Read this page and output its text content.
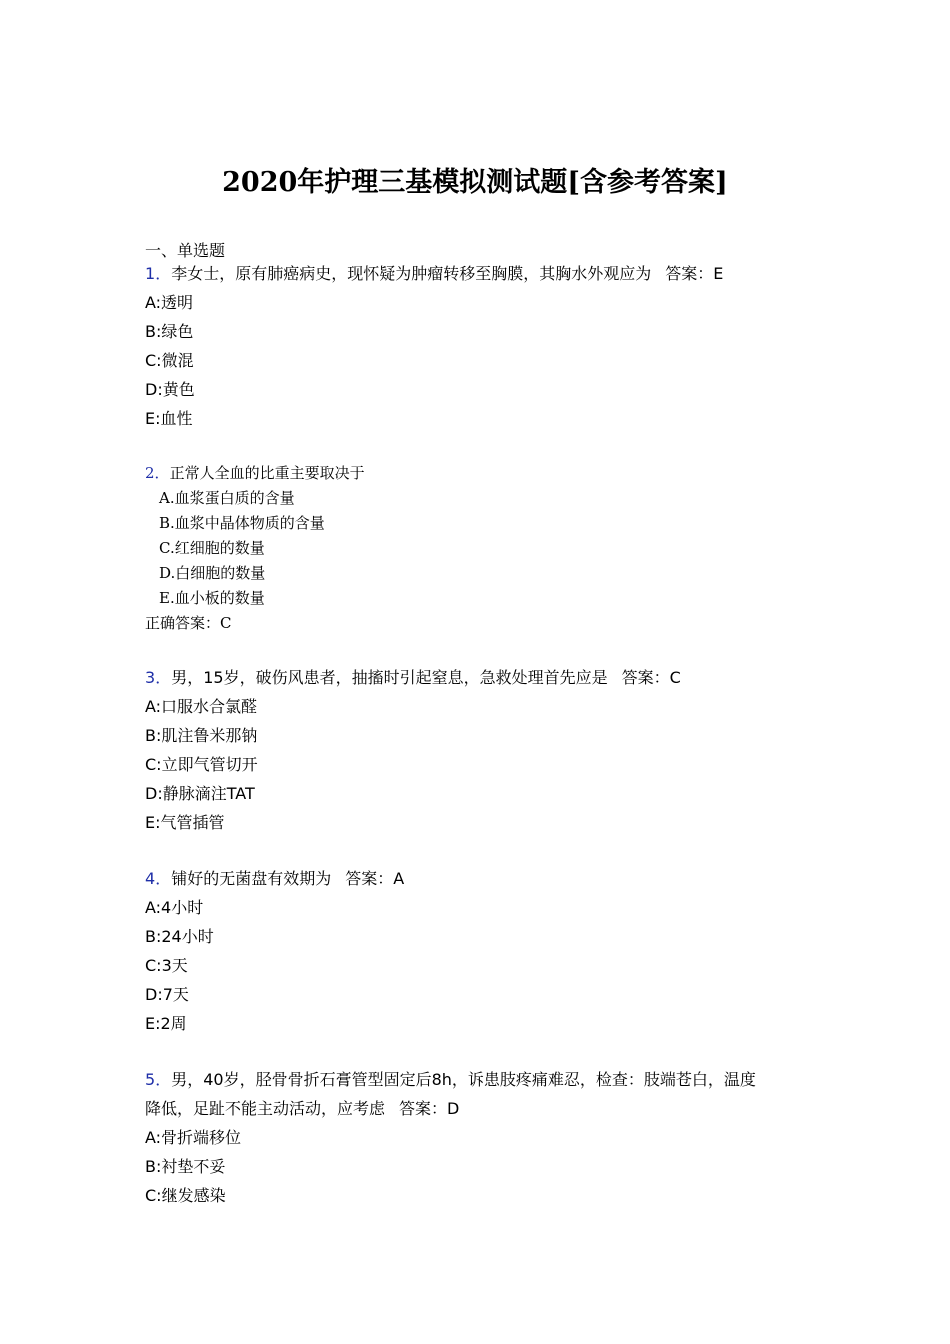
2020年护理三基模拟测试题[含参考答案]
一、单选题
1．李女士，原有肺癌病史，现怀疑为肿瘤转移至胸膜，其胸水外观应为 答案：E
A:透明
B:绿色
C:微混
D:黄色
E:血性
2．正常人全血的比重主要取决于
A.血浆蛋白质的含量
B.血浆中晶体物质的含量
C.红细胞的数量
D.白细胞的数量
E.血小板的数量
正确答案：C
3．男，15岁，破伤风患者，抽搐时引起窒息，急救处理首先应是 答案：C
A:口服水合氯醛
B:肌注鲁米那钠
C:立即气管切开
D:静脉滴注TAT
E:气管插管
4．铺好的无菌盘有效期为 答案：A
A:4小时
B:24小时
C:3天
D:7天
E:2周
5．男，40岁，胫骨骨折石膏管型固定后8h，诉患肢疼痛难忍，检查：肢端苍白，温度
降低，足趾不能主动活动，应考虑 答案：D
A:骨折端移位
B:衬垫不妥
C:继发感染
